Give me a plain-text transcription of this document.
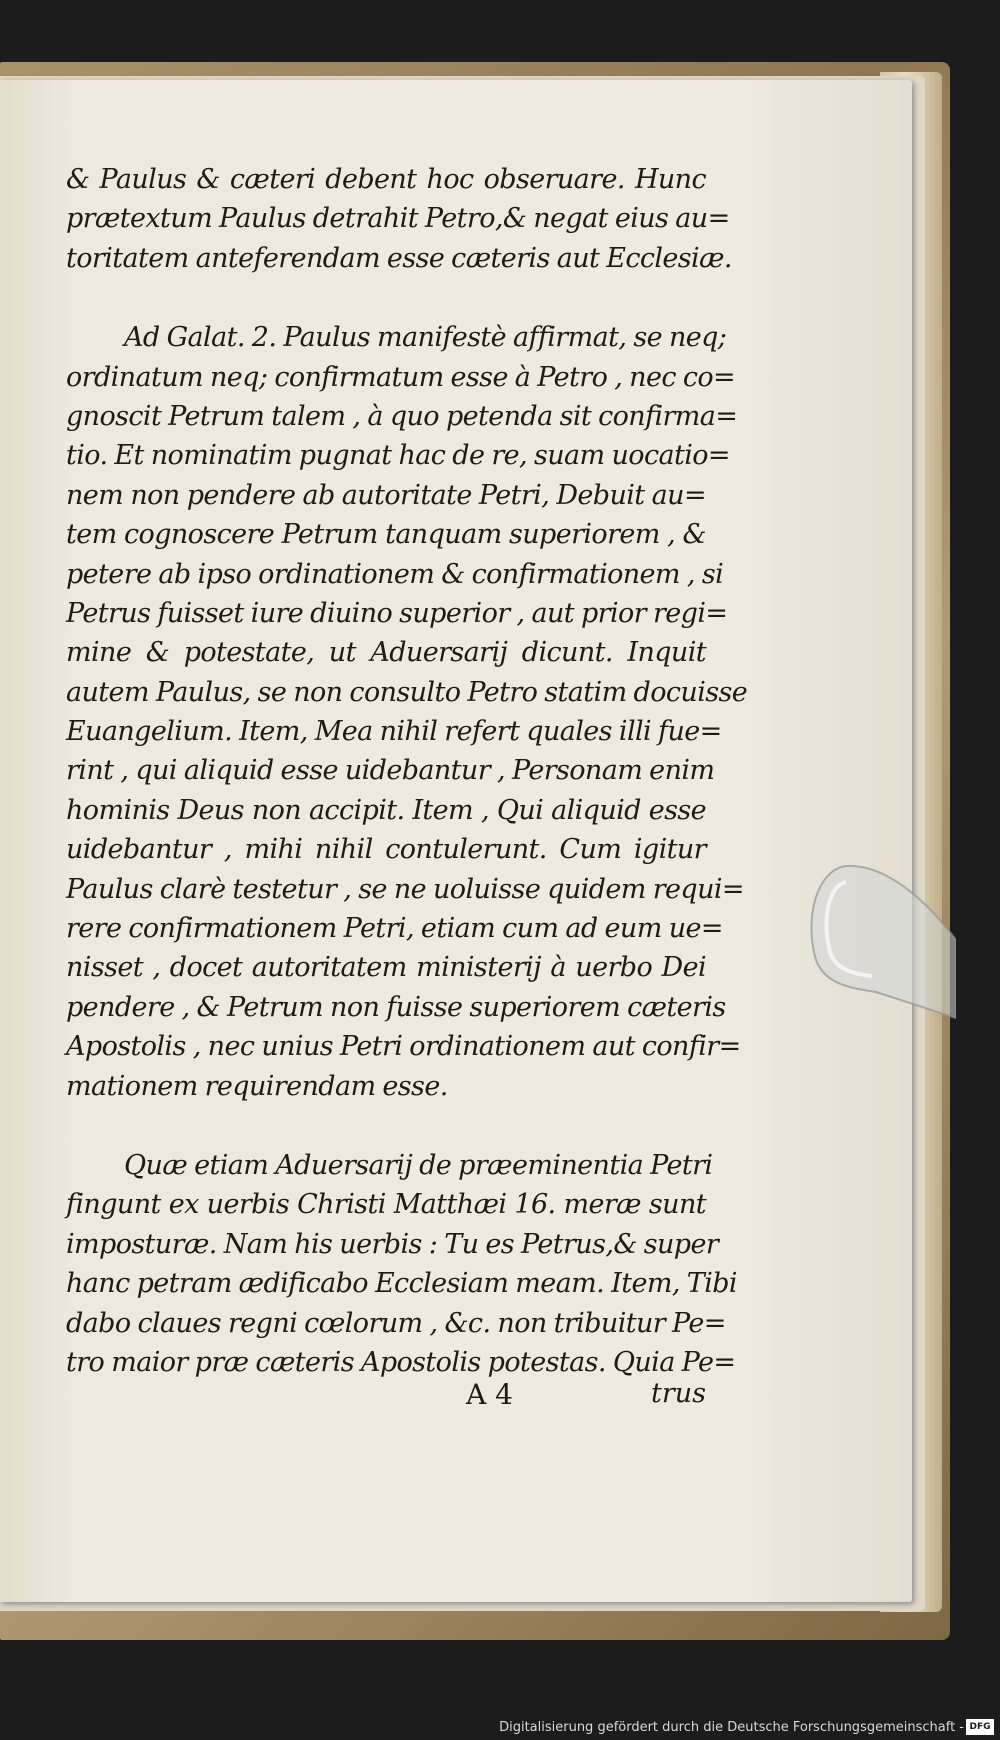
& Paulus & cæteri debent hoc obseruare. Hunc
prætextum Paulus detrahit Petro,& negat eius au=
toritatem anteferendam esse cæteris aut Ecclesiæ.
Ad Galat. 2. Paulus manifestè affirmat, se neq;
ordinatum neq; confirmatum esse à Petro , nec co=
gnoscit Petrum talem , à quo petenda sit confirma=
tio. Et nominatim pugnat hac de re, suam uocatio=
nem non pendere ab autoritate Petri, Debuit au=
tem cognoscere Petrum tanquam superiorem , &
petere ab ipso ordinationem & confirmationem , si
Petrus fuisset iure diuino superior , aut prior regi=
mine & potestate, ut Aduersarij dicunt. Inquit
autem Paulus, se non consulto Petro statim docuisse
Euangelium. Item, Mea nihil refert quales illi fue=
rint , qui aliquid esse uidebantur , Personam enim
hominis Deus non accipit. Item , Qui aliquid esse
uidebantur , mihi nihil contulerunt. Cum igitur
Paulus clarè testetur , se ne uoluisse quidem requi=
rere confirmationem Petri, etiam cum ad eum ue=
nisset , docet autoritatem ministerij à uerbo Dei
pendere , & Petrum non fuisse superiorem cæteris
Apostolis , nec unius Petri ordinationem aut confir=
mationem requirendam esse.
Quæ etiam Aduersarij de præeminentia Petri
fingunt ex uerbis Christi Matthæi 16. meræ sunt
imposturæ. Nam his uerbis : Tu es Petrus,& super
hanc petram ædificabo Ecclesiam meam. Item, Tibi
dabo claues regni cœlorum , &c. non tribuitur Pe=
tro maior præ cæteris Apostolis potestas. Quia Pe=
A 4	trus
Digitalisierung gefördert durch die Deutsche Forschungsgemeinschaft - DFG
